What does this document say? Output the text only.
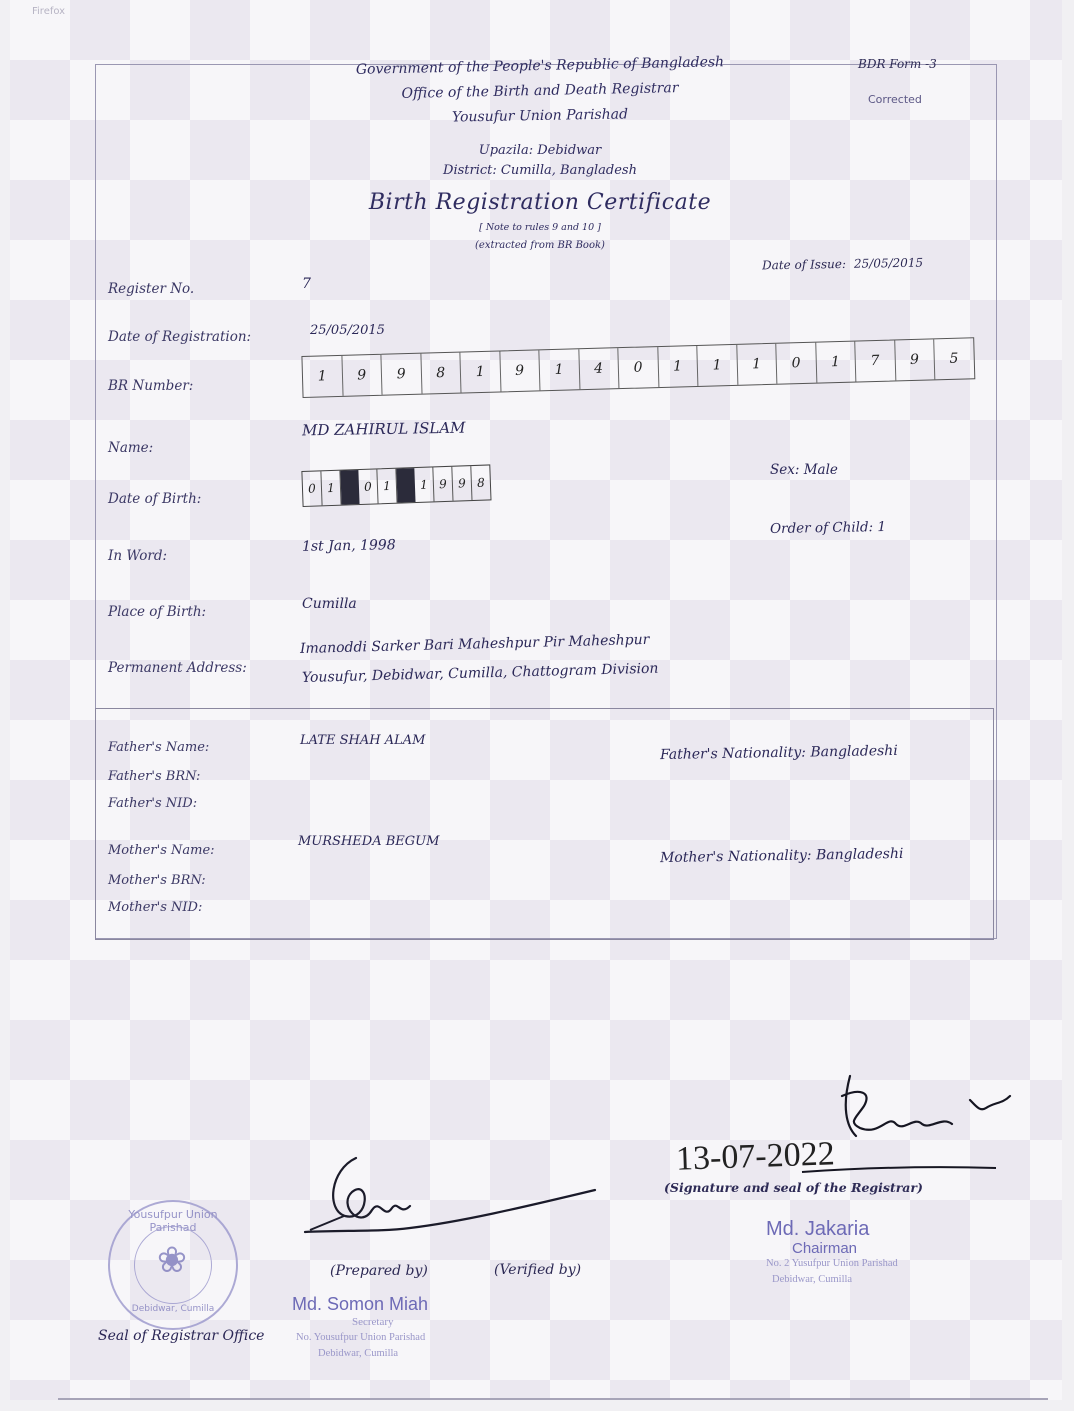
Firefox
Government of the People's Republic of Bangladesh
Office of the Birth and Death Registrar
Yousufur Union Parishad
Upazila: Debidwar
District: Cumilla, Bangladesh
Birth Registration Certificate
[ Note to rules 9 and 10 ]
(extracted from BR Book)
BDR Form -3
Corrected
Date of Issue: 25/05/2015
Register No.	7
Date of Registration:	25/05/2015
BR Number:
1	9	9	8	1	9	1	4	0	1	1	1	0	1	7	9	5
Name:
MD ZAHIRUL ISLAM
Date of Birth:
0 1	0 1	1 9 9 8
Sex: Male
Order of Child: 1
In Word:
1st Jan, 1998
Place of Birth:	Cumilla
Permanent Address:
Imanoddi Sarker Bari Maheshpur Pir Maheshpur
Yousufur, Debidwar, Cumilla, Chattogram Division
Father's Name:	LATE SHAH ALAM
Father's BRN:
Father's NID:
Father's Nationality: Bangladeshi
Mother's Name:
MURSHEDA BEGUM
Mother's BRN:
Mother's NID:
Mother's Nationality: Bangladeshi
Yousufpur Union Parishad
❀
Debidwar, Cumilla
Seal of Registrar Office
(Prepared by)	(Verified by)
Md. Somon Miah
Secretary
No. Yousufpur Union Parishad
Debidwar, Cumilla
13-07-2022
(Signature and seal of the Registrar)
Md. Jakaria
Chairman
No. 2 Yusufpur Union Parishad
Debidwar, Cumilla
